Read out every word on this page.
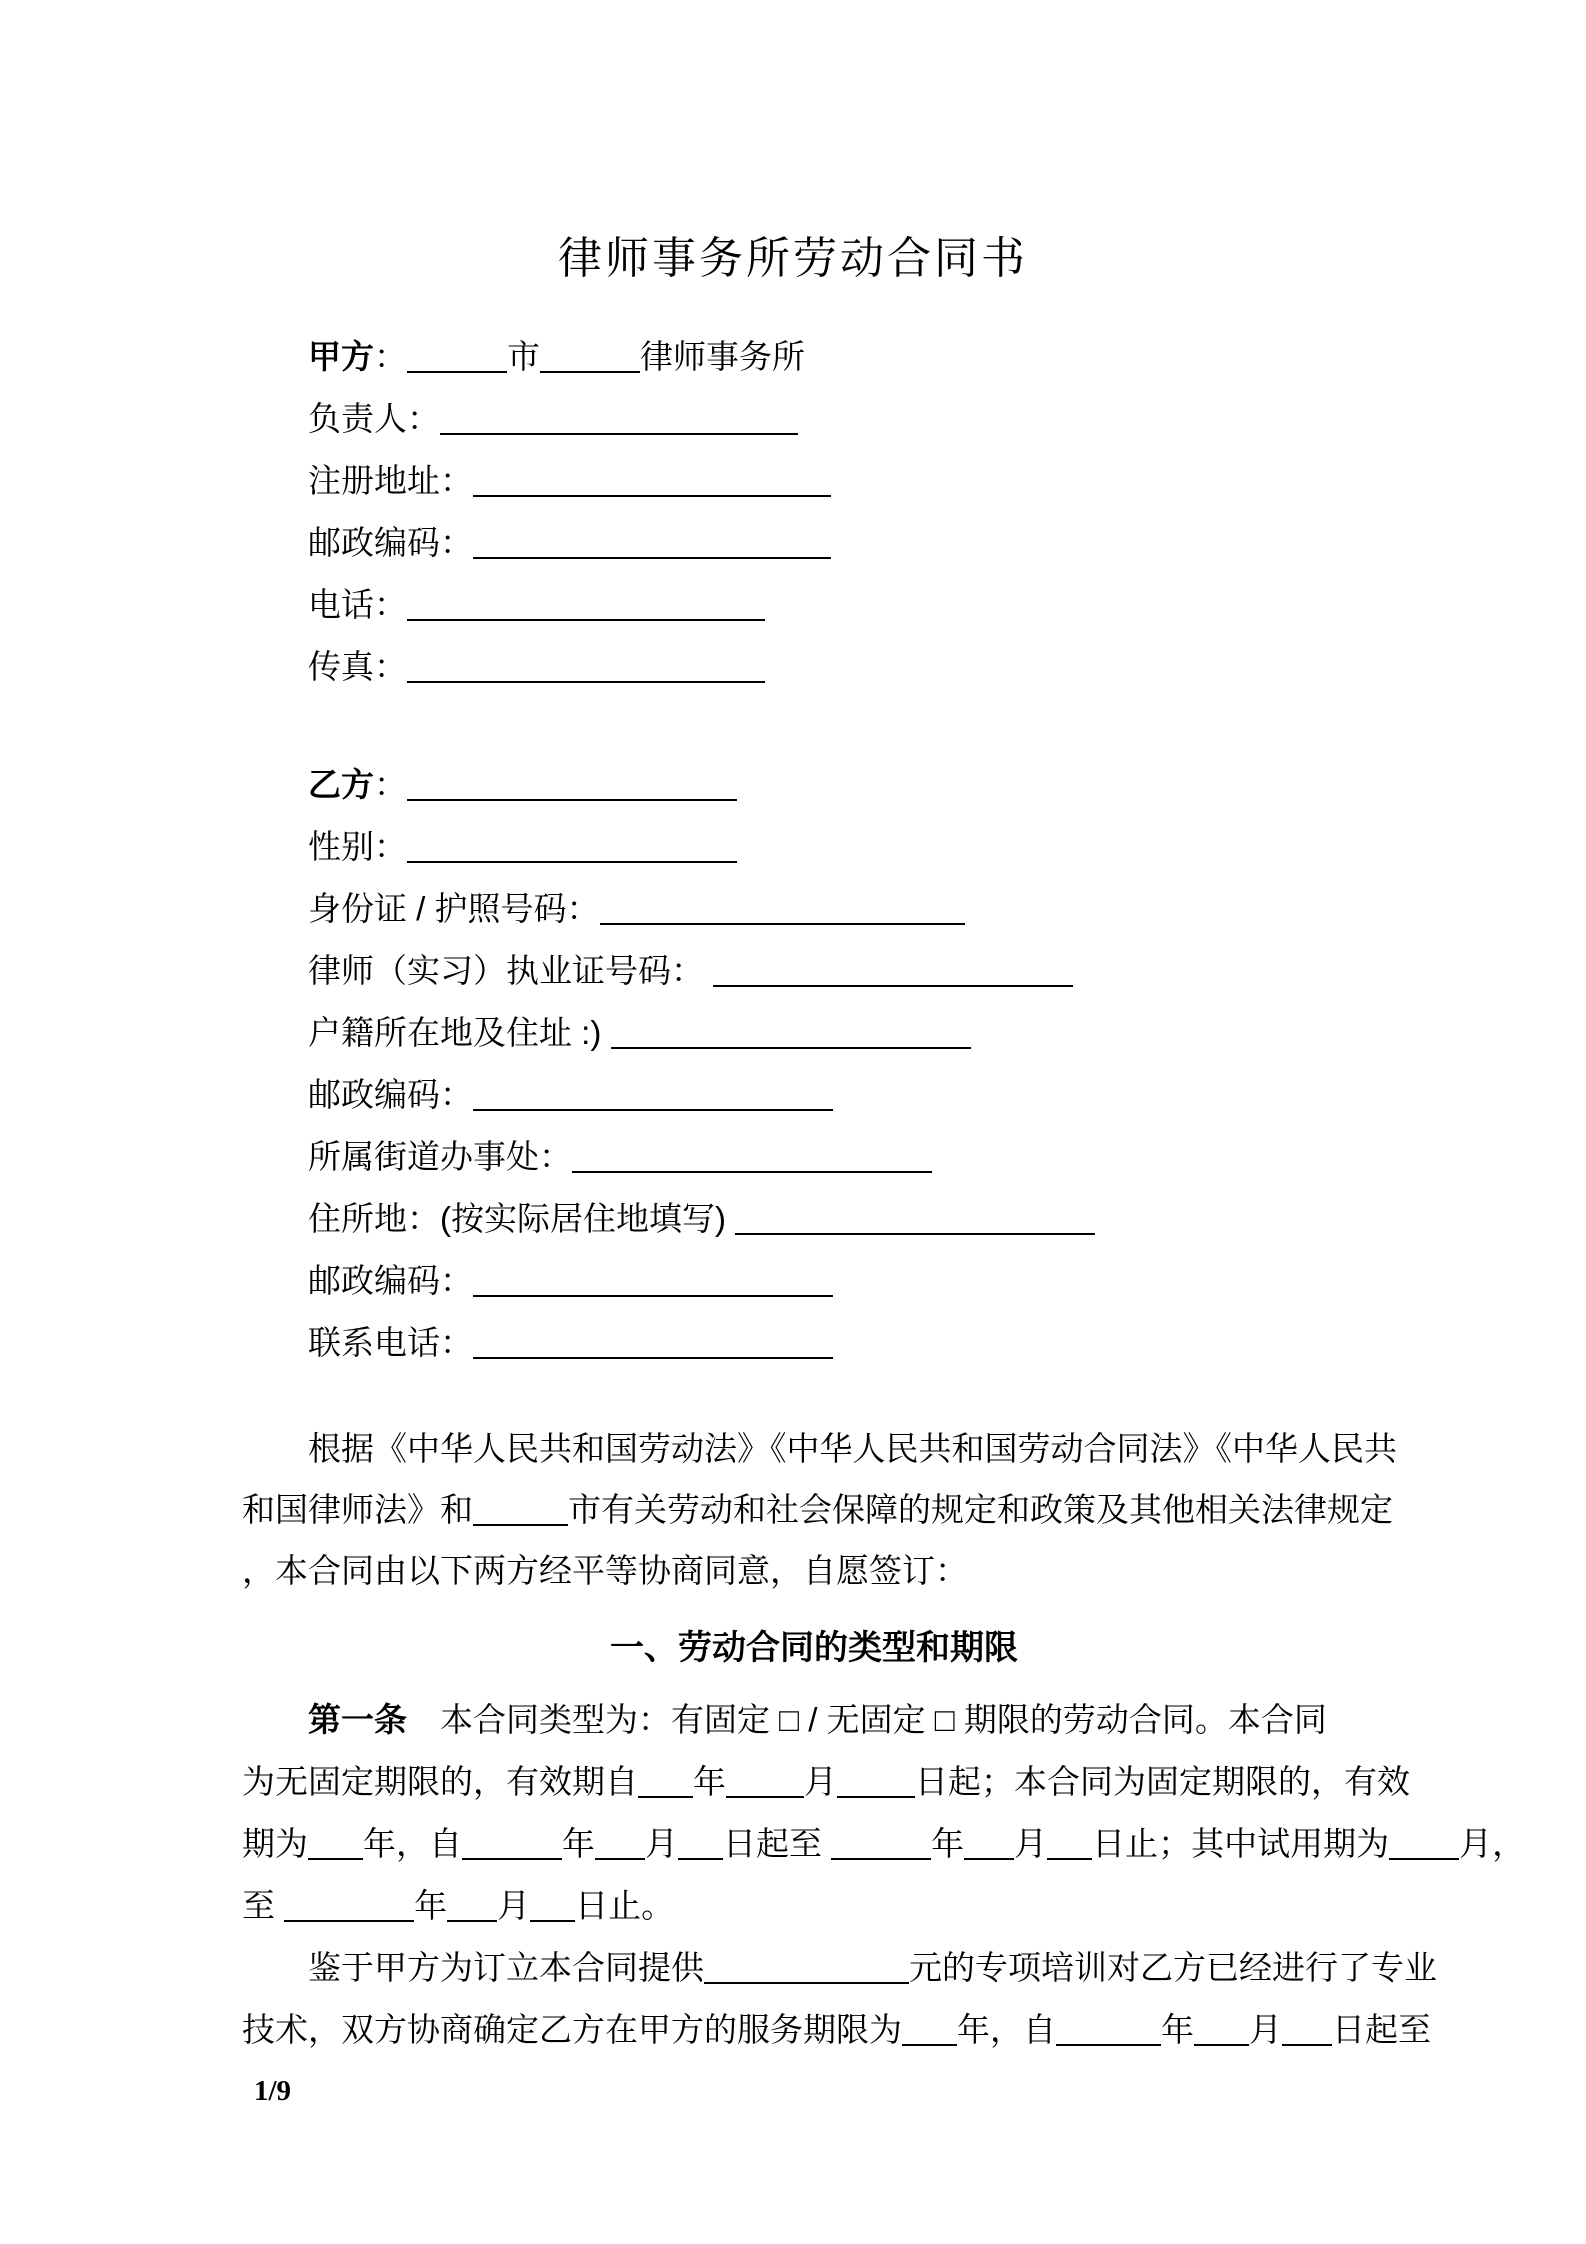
律师事务所劳动合同书
甲方：	市	律师事务所
负责人：
注册地址：
邮政编码：
电话：
传真：
乙方：
性别：
身份证 / 护照号码：
律师（实习）执业证号码：
户籍所在地及住址 :)
邮政编码：
所属街道办事处：
住所地：(按实际居住地填写)
邮政编码：
联系电话：
根据《中华人民共和国劳动法》《中华人民共和国劳动合同法》《中华人民共
和国律师法》和	市有关劳动和社会保障的规定和政策及其他相关法律规定
，本合同由以下两方经平等协商同意，自愿签订：
一、劳动合同的类型和期限
第一条　本合同类型为：有固定 □ / 无固定 □ 期限的劳动合同。本合同
为无固定期限的，有效期自 年 月 日起；本合同为固定期限的，有效
期为 年，自	年 月 日起至	年 月 日止；其中试用期为 月，
至	年 月 日止。
鉴于甲方为订立本合同提供	元的专项培训对乙方已经进行了专业
技术，双方协商确定乙方在甲方的服务期限为 年，自	年 月 日起至
1/9
